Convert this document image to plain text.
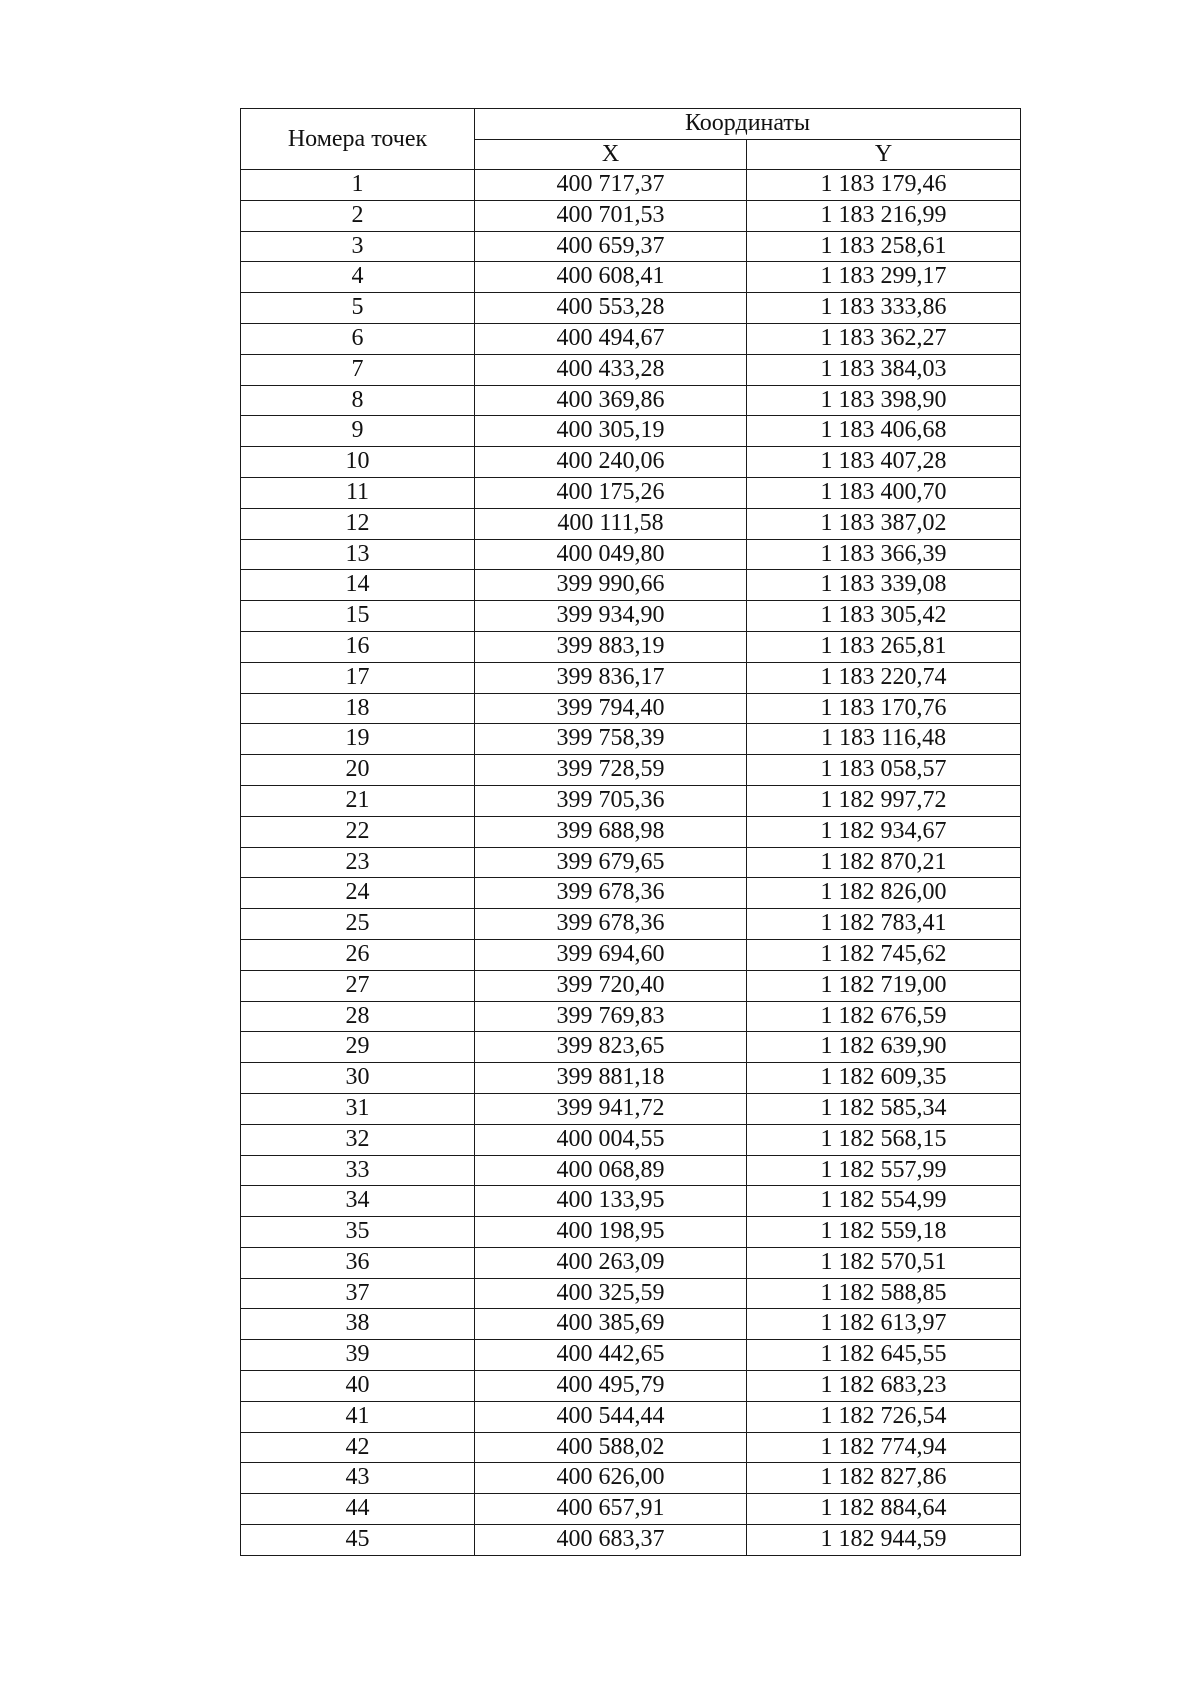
Номера точек	Координаты	
	X	Y
1	400 717,37	1 183 179,46
2	400 701,53	1 183 216,99
3	400 659,37	1 183 258,61
4	400 608,41	1 183 299,17
5	400 553,28	1 183 333,86
6	400 494,67	1 183 362,27
7	400 433,28	1 183 384,03
8	400 369,86	1 183 398,90
9	400 305,19	1 183 406,68
10	400 240,06	1 183 407,28
11	400 175,26	1 183 400,70
12	400 111,58	1 183 387,02
13	400 049,80	1 183 366,39
14	399 990,66	1 183 339,08
15	399 934,90	1 183 305,42
16	399 883,19	1 183 265,81
17	399 836,17	1 183 220,74
18	399 794,40	1 183 170,76
19	399 758,39	1 183 116,48
20	399 728,59	1 183 058,57
21	399 705,36	1 182 997,72
22	399 688,98	1 182 934,67
23	399 679,65	1 182 870,21
24	399 678,36	1 182 826,00
25	399 678,36	1 182 783,41
26	399 694,60	1 182 745,62
27	399 720,40	1 182 719,00
28	399 769,83	1 182 676,59
29	399 823,65	1 182 639,90
30	399 881,18	1 182 609,35
31	399 941,72	1 182 585,34
32	400 004,55	1 182 568,15
33	400 068,89	1 182 557,99
34	400 133,95	1 182 554,99
35	400 198,95	1 182 559,18
36	400 263,09	1 182 570,51
37	400 325,59	1 182 588,85
38	400 385,69	1 182 613,97
39	400 442,65	1 182 645,55
40	400 495,79	1 182 683,23
41	400 544,44	1 182 726,54
42	400 588,02	1 182 774,94
43	400 626,00	1 182 827,86
44	400 657,91	1 182 884,64
45	400 683,37	1 182 944,59
